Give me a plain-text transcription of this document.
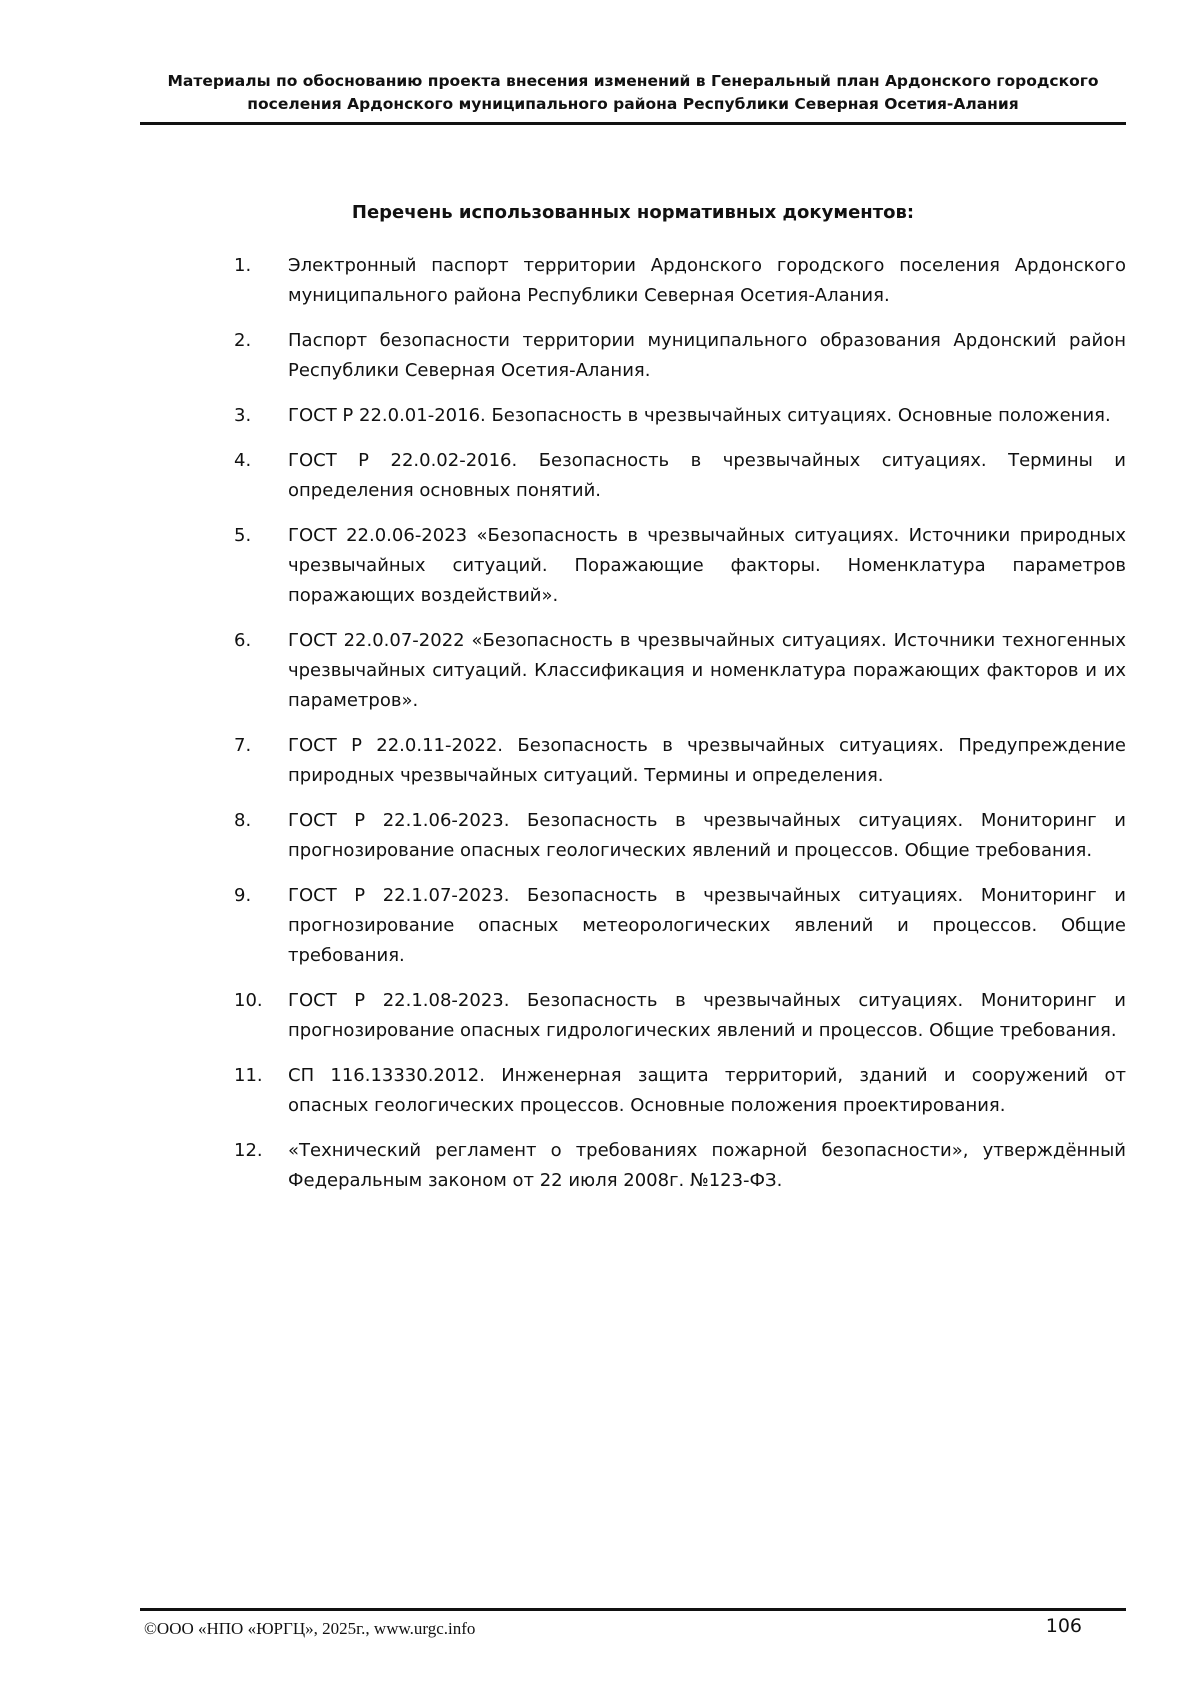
Материалы по обоснованию проекта внесения изменений в Генеральный план Ардонского городского
поселения Ардонского муниципального района Республики Северная Осетия-Алания
Перечень использованных нормативных документов:
1.	Электронный паспорт территории Ардонского городского поселения Ардонского муниципального района Республики Северная Осетия-Алания.
2.	Паспорт безопасности территории муниципального образования Ардонский район Республики Северная Осетия-Алания.
3.	ГОСТ Р 22.0.01-2016. Безопасность в чрезвычайных ситуациях. Основные положения.
4.	ГОСТ Р 22.0.02-2016. Безопасность в чрезвычайных ситуациях. Термины и определения основных понятий.
5.	ГОСТ 22.0.06-2023 «Безопасность в чрезвычайных ситуациях. Источники природных чрезвычайных ситуаций. Поражающие факторы. Номенклатура параметров поражающих воздействий».
6.	ГОСТ 22.0.07-2022 «Безопасность в чрезвычайных ситуациях. Источники техногенных чрезвычайных ситуаций. Классификация и номенклатура поражающих факторов и их параметров».
7.	ГОСТ Р 22.0.11-2022. Безопасность в чрезвычайных ситуациях. Предупреждение природных чрезвычайных ситуаций. Термины и определения.
8.	ГОСТ Р 22.1.06-2023. Безопасность в чрезвычайных ситуациях. Мониторинг и прогнозирование опасных геологических явлений и процессов. Общие требования.
9.	ГОСТ Р 22.1.07-2023. Безопасность в чрезвычайных ситуациях. Мониторинг и прогнозирование опасных метеорологических явлений и процессов. Общие требования.
10.	ГОСТ Р 22.1.08-2023. Безопасность в чрезвычайных ситуациях. Мониторинг и прогнозирование опасных гидрологических явлений и процессов. Общие требования.
11.	СП 116.13330.2012. Инженерная защита территорий, зданий и сооружений от опасных геологических процессов. Основные положения проектирования.
12.	«Технический регламент о требованиях пожарной безопасности», утверждённый Федеральным законом от 22 июля 2008г. №123-ФЗ.
©ООО «НПО «ЮРГЦ», 2025г., www.urgc.info	106
